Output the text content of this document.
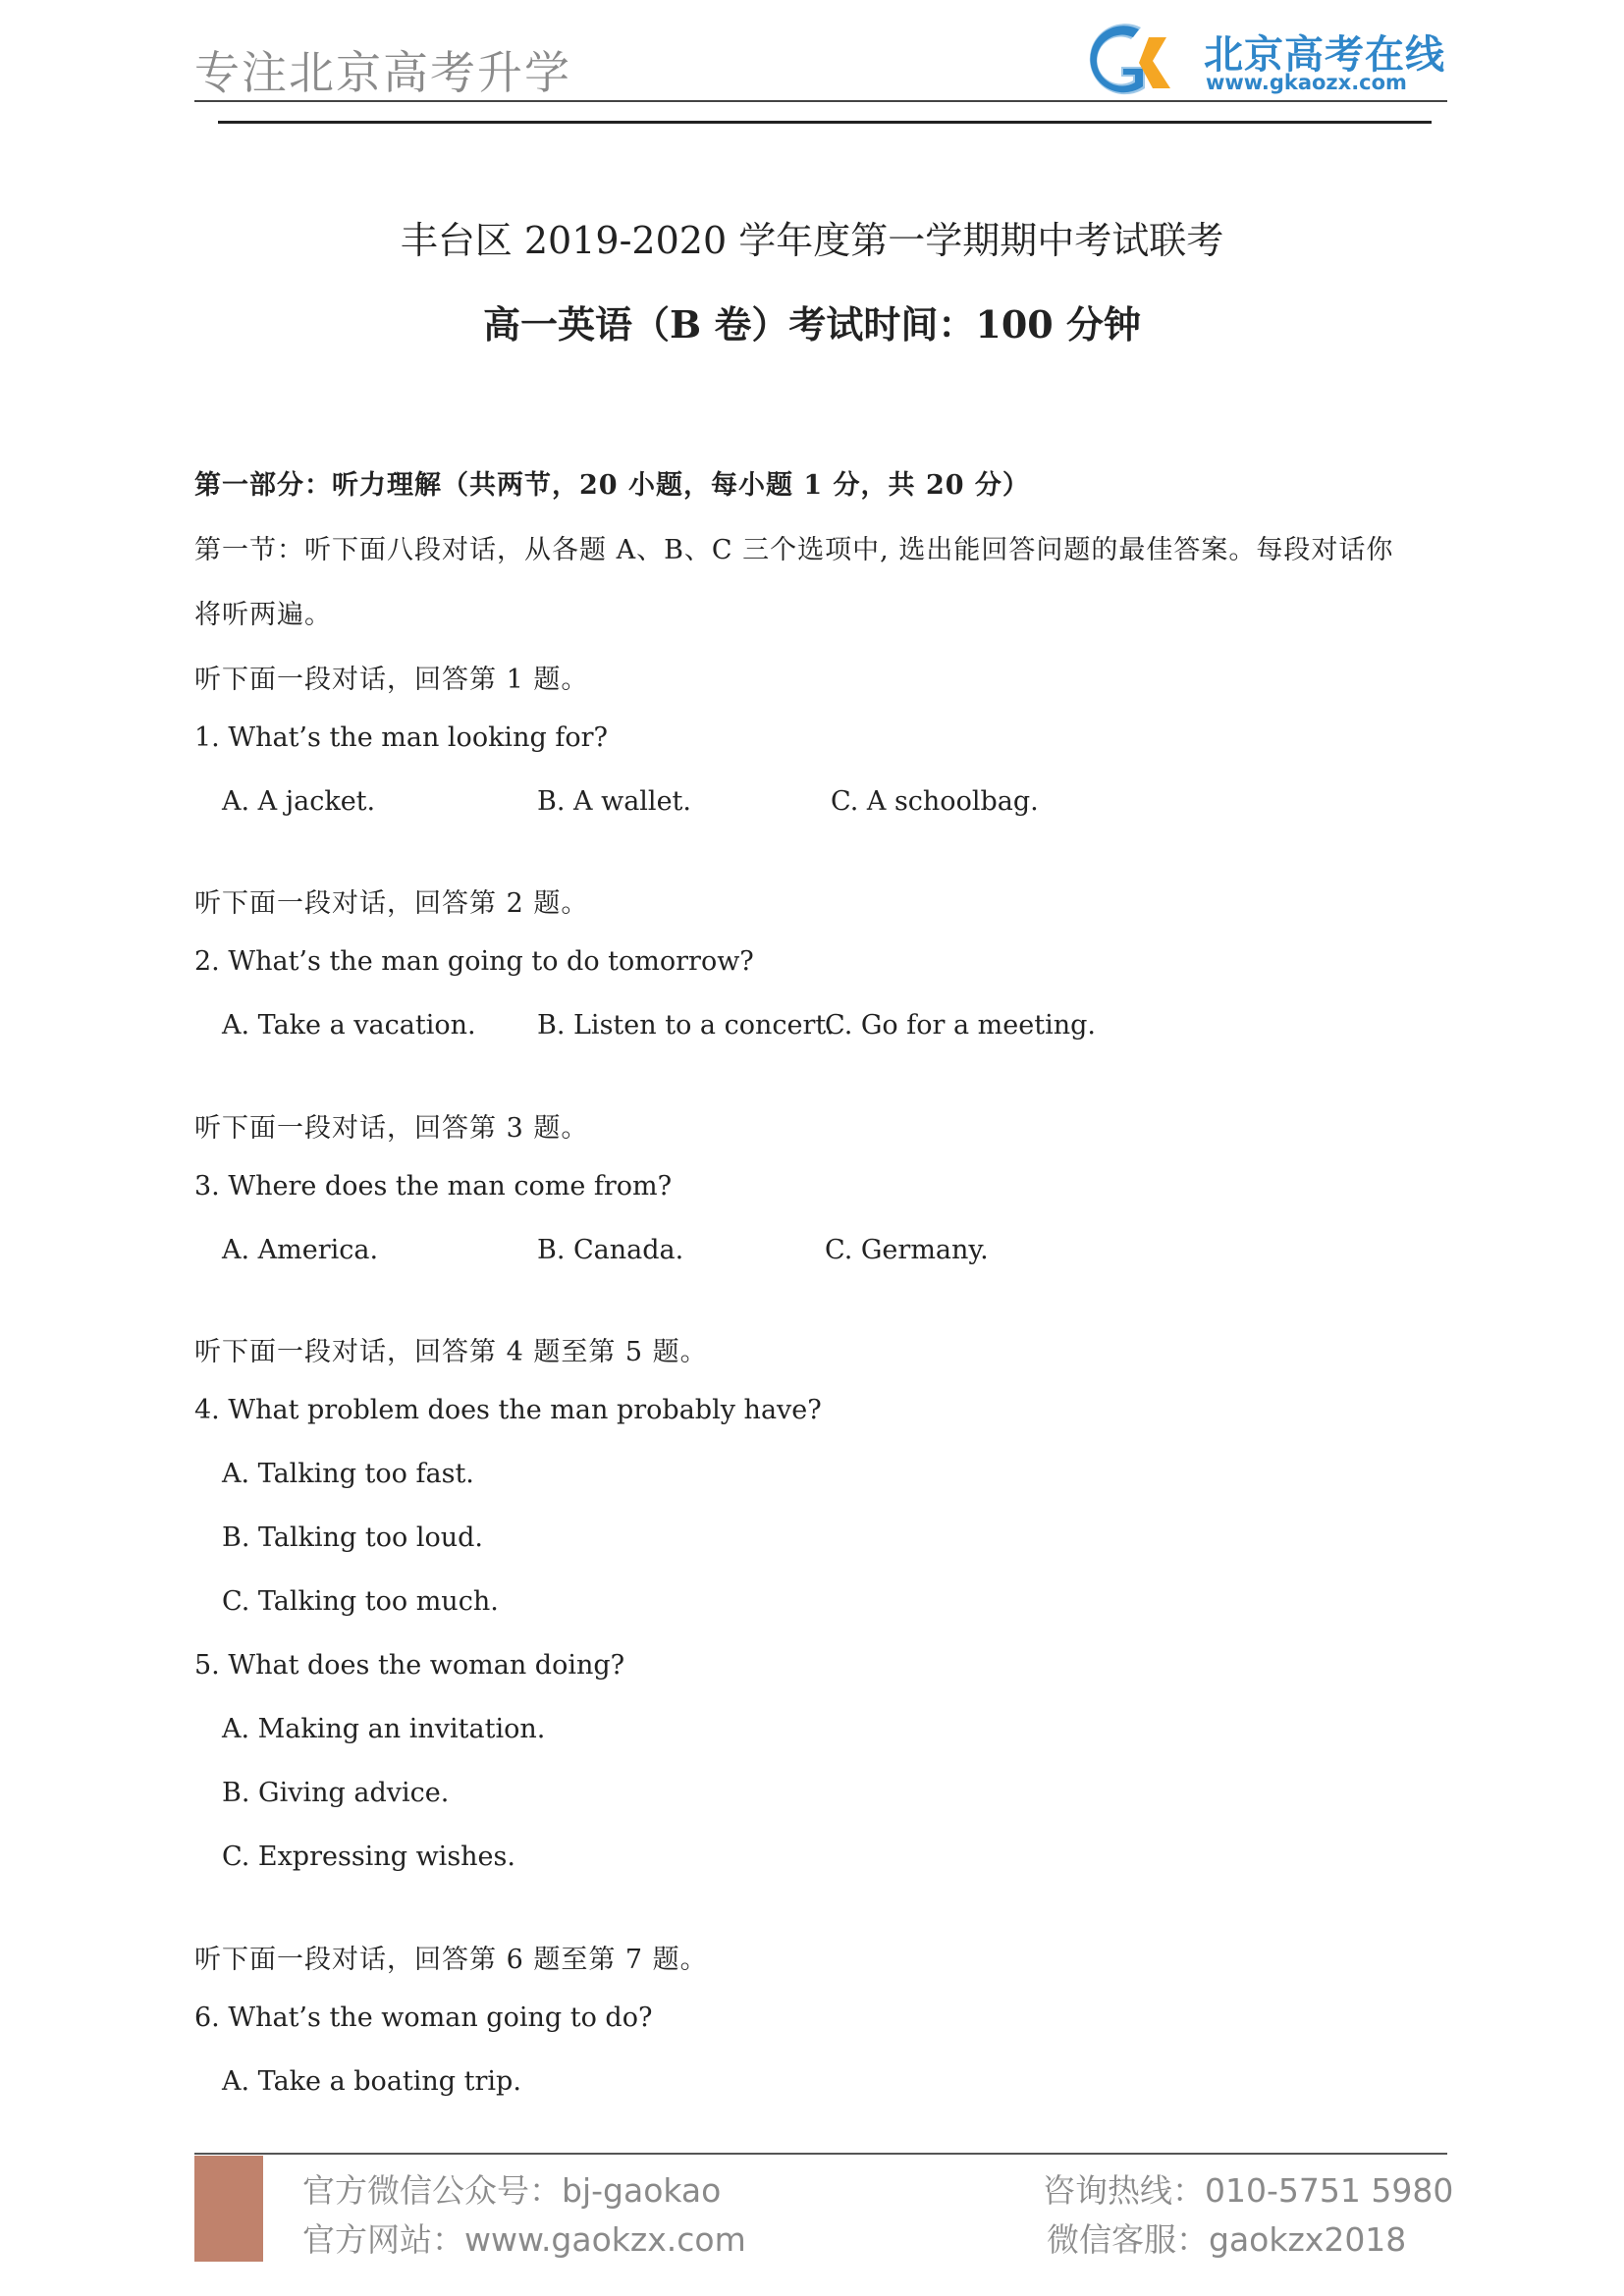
专注北京高考升学	北京高考在线
www.gkaozx.com
丰台区 2019-2020 学年度第一学期期中考试联考
高一英语（B 卷）考试时间：100 分钟
第一部分：听力理解（共两节，20 小题，每小题 1 分，共 20 分）
第一节：听下面八段对话，从各题 A、B、C 三个选项中, 选出能回答问题的最佳答案。每段对话你
将听两遍。
听下面一段对话，回答第 1 题。
1. What’s the man looking for?
A. A jacket.	B. A wallet.	C. A schoolbag.
听下面一段对话，回答第 2 题。
2. What’s the man going to do tomorrow?
A. Take a vacation. B. Listen to a concert.
C. Go for a meeting.
听下面一段对话，回答第 3 题。
3. Where does the man come from?
A. America.	B. Canada.	C. Germany.
听下面一段对话，回答第 4 题至第 5 题。
4. What problem does the man probably have?
A. Talking too fast.
B. Talking too loud.
C. Talking too much.
5. What does the woman doing?
A. Making an invitation.
B. Giving advice.
C. Expressing wishes.
听下面一段对话，回答第 6 题至第 7 题。
6. What’s the woman going to do?
A. Take a boating trip.
官方微信公众号：bj-gaokao
官方网站：www.gaokzx.com
咨询热线：010-5751 5980
微信客服：gaokzx2018
